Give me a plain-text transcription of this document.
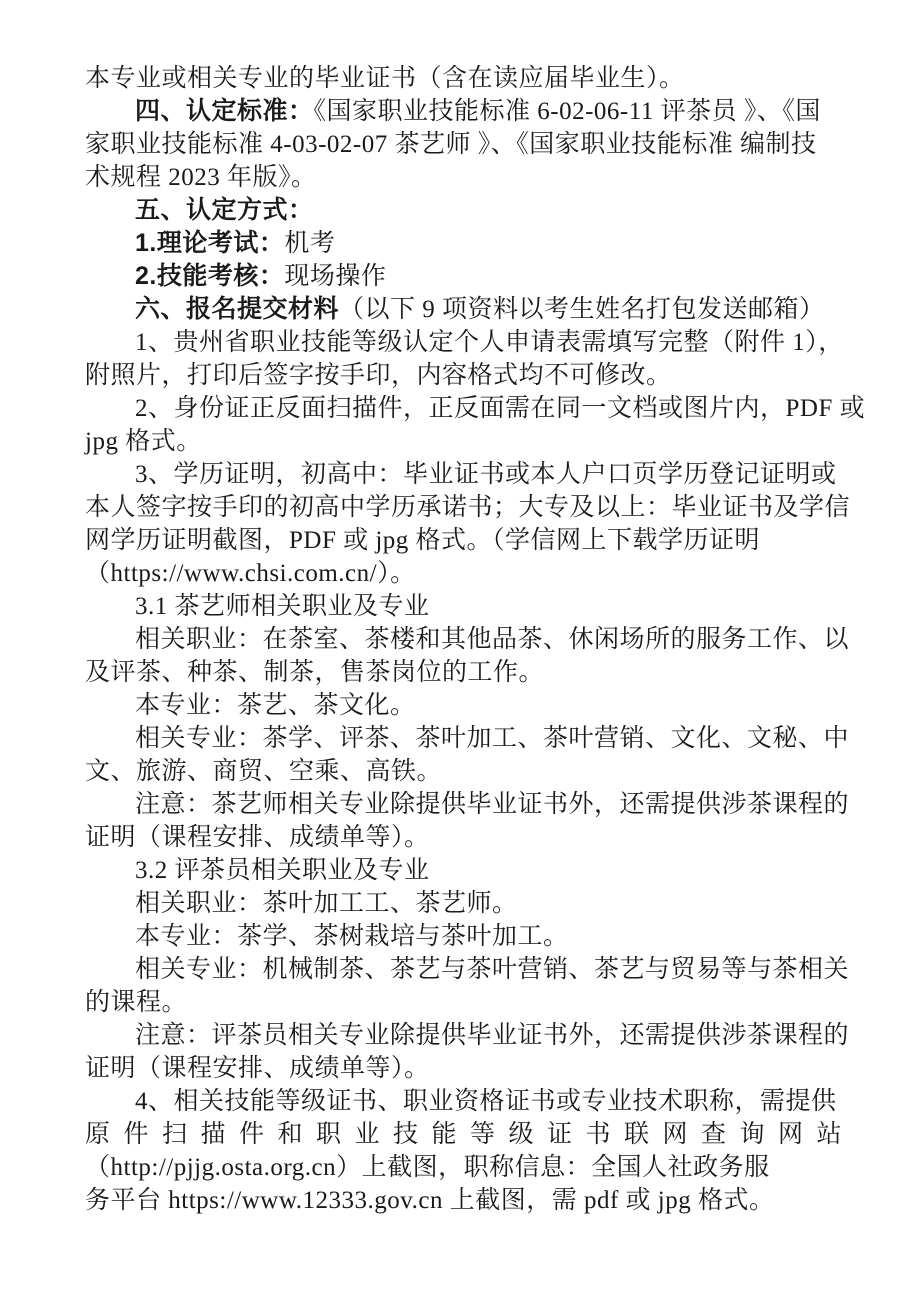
本专业或相关专业的毕业证书（含在读应届毕业生）。
四、认定标准：《国家职业技能标准 6-02-06-11 评茶员 》、《国
家职业技能标准 4-03-02-07 茶艺师 》、《国家职业技能标准 编制技
术规程 2023 年版》。
五、认定方式：
1.理论考试：机考
2.技能考核：现场操作
六、报名提交材料（以下 9 项资料以考生姓名打包发送邮箱）
1、贵州省职业技能等级认定个人申请表需填写完整（附件 1），
附照片，打印后签字按手印，内容格式均不可修改。
2、身份证正反面扫描件，正反面需在同一文档或图片内，PDF 或
jpg 格式。
3、学历证明，初高中：毕业证书或本人户口页学历登记证明或
本人签字按手印的初高中学历承诺书；大专及以上：毕业证书及学信
网学历证明截图，PDF 或 jpg 格式。（学信网上下载学历证明
（https://www.chsi.com.cn/）。
3.1 茶艺师相关职业及专业
相关职业：在茶室、茶楼和其他品茶、休闲场所的服务工作、以
及评茶、种茶、制茶，售茶岗位的工作。
本专业：茶艺、茶文化。
相关专业：茶学、评茶、茶叶加工、茶叶营销、文化、文秘、中
文、旅游、商贸、空乘、高铁。
注意：茶艺师相关专业除提供毕业证书外，还需提供涉茶课程的
证明（课程安排、成绩单等）。
3.2 评茶员相关职业及专业
相关职业：茶叶加工工、茶艺师。
本专业：茶学、茶树栽培与茶叶加工。
相关专业：机械制茶、茶艺与茶叶营销、茶艺与贸易等与茶相关
的课程。
注意：评茶员相关专业除提供毕业证书外，还需提供涉茶课程的
证明（课程安排、成绩单等）。
4、相关技能等级证书、职业资格证书或专业技术职称，需提供
原件扫描件和职业技能等级证书联网查询网站
（http://pjjg.osta.org.cn）上截图，职称信息：全国人社政务服
务平台 https://www.12333.gov.cn 上截图，需 pdf 或 jpg 格式。
